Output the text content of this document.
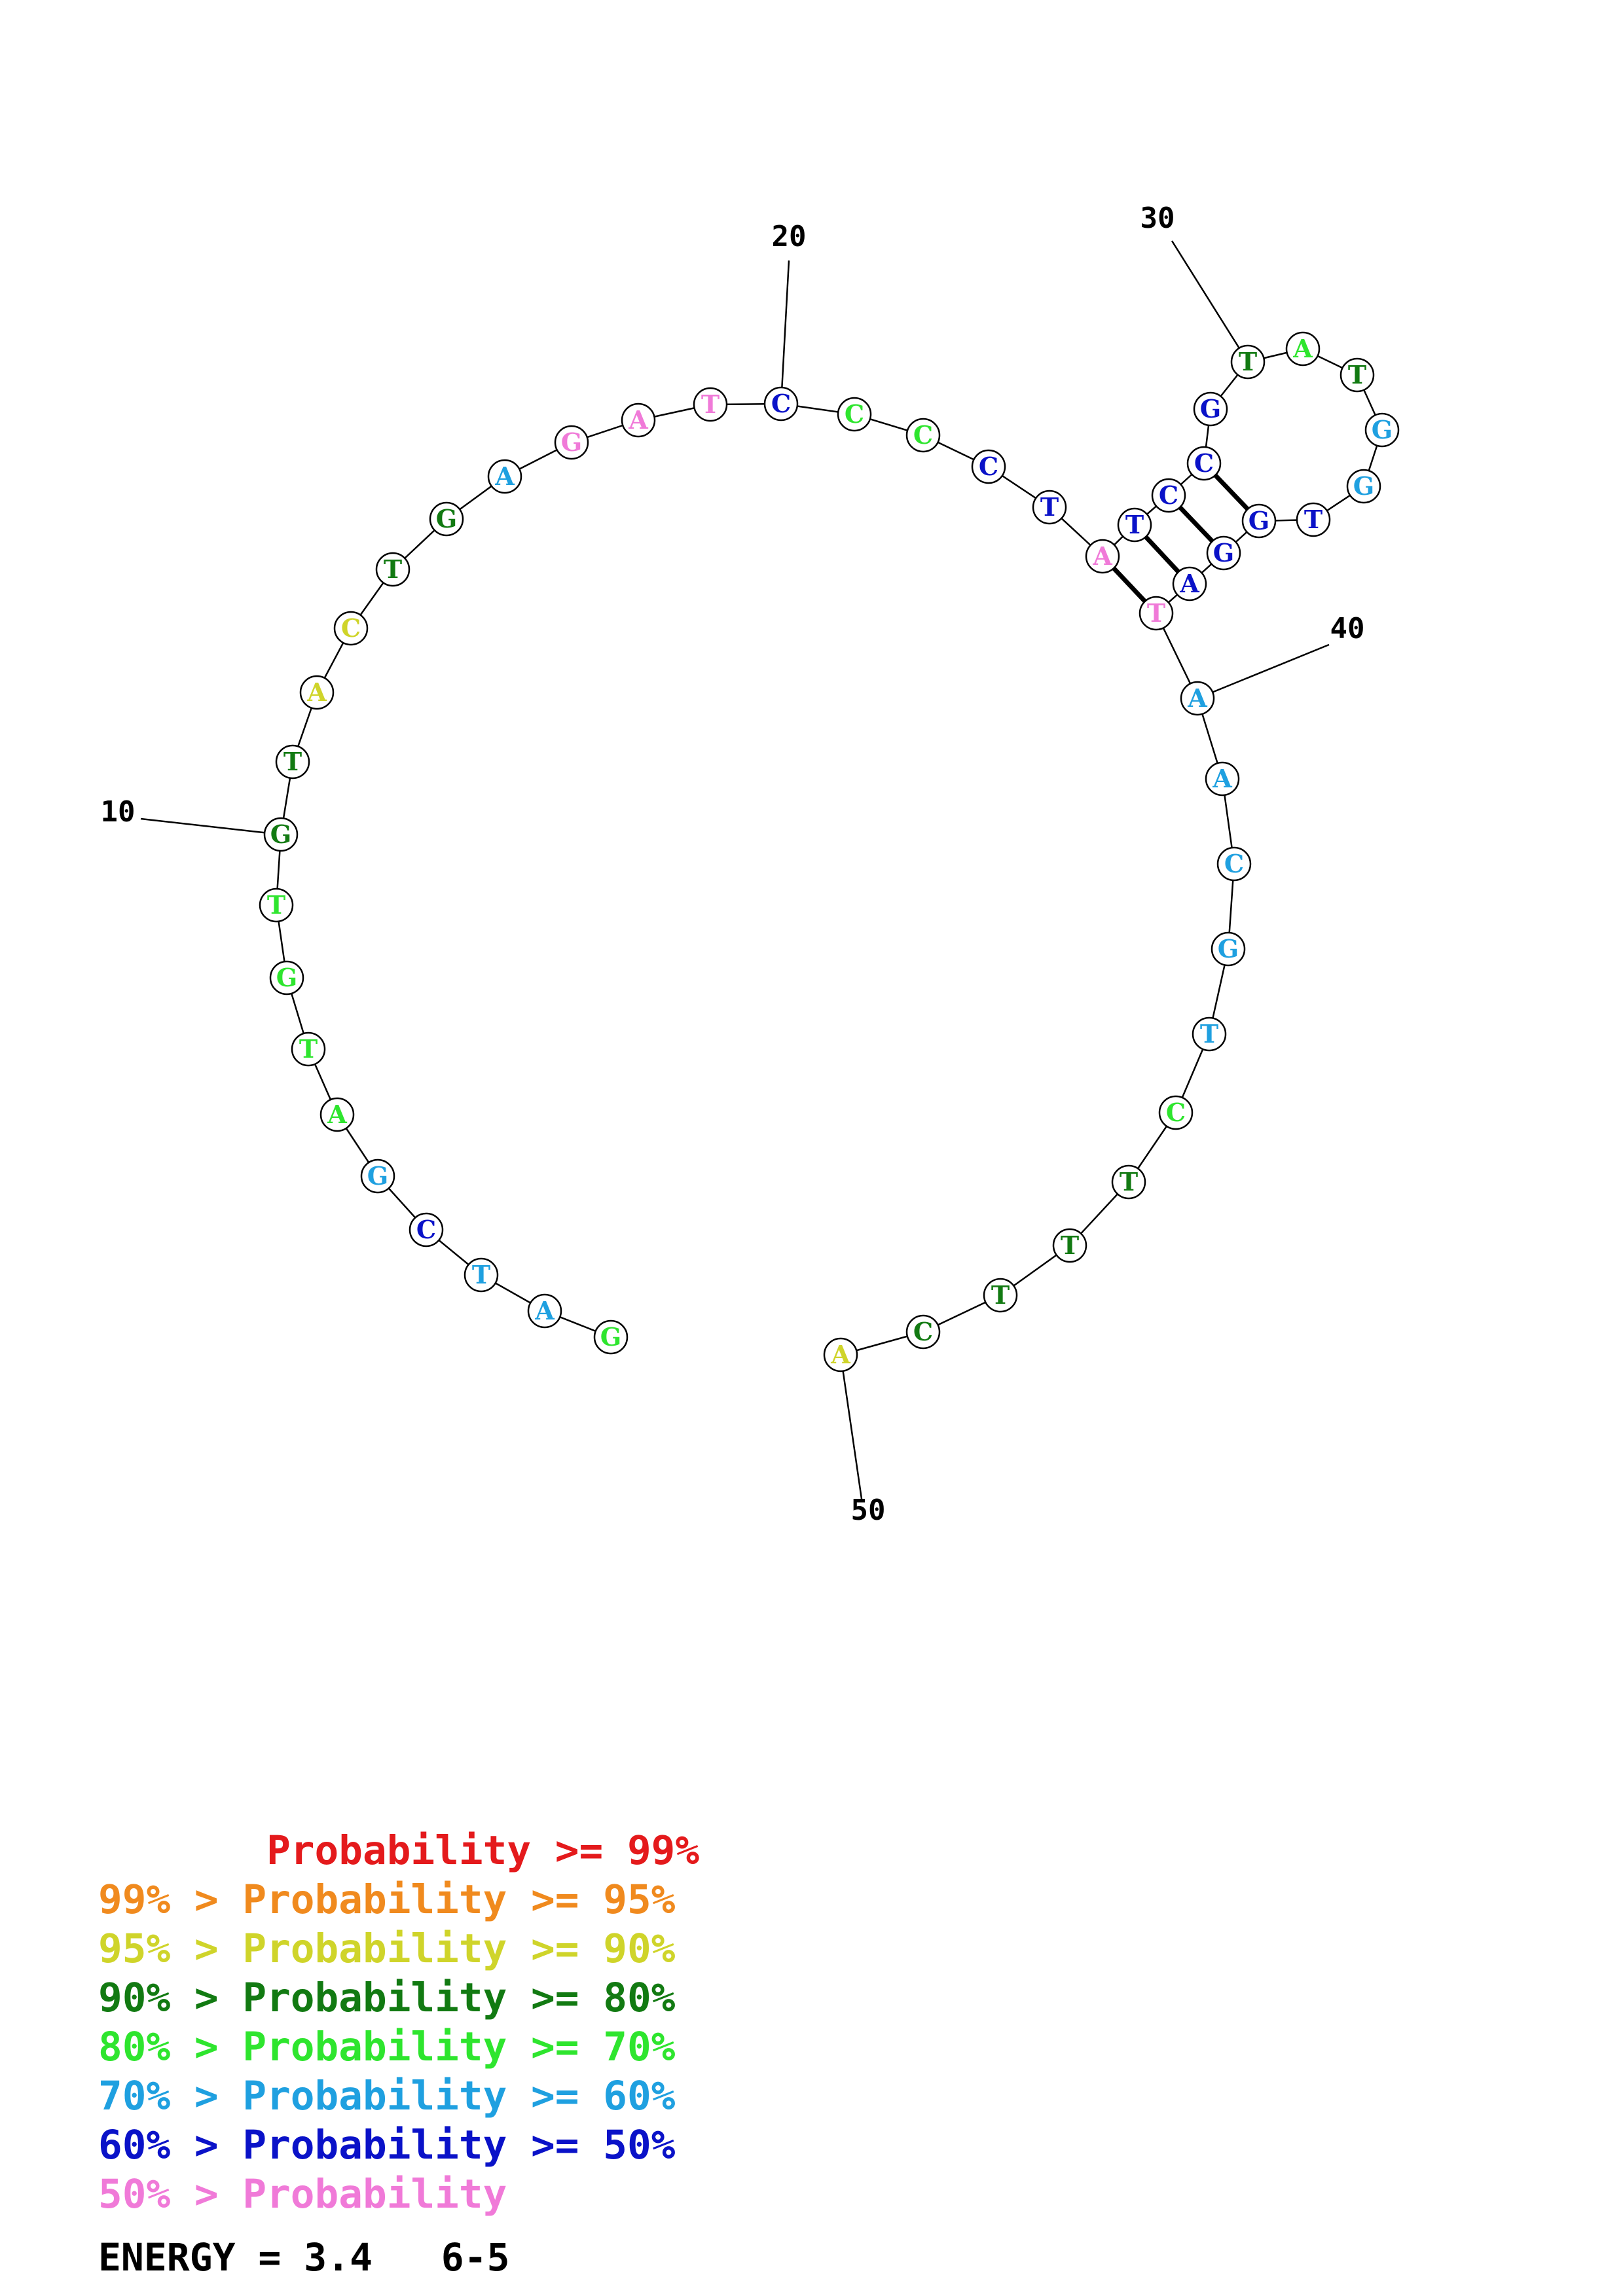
G
A
T
C
G
A
T
G
T
G
T
A
C
T
G
A
G
A
T C C
C
C
T
A
T
C
C
G
T A
T
G
G
T
G
G
A
T
A
A
C
G
T
C
T
T
T
C
A
10
20
30
40
50
Probability >= 99%
99% > Probability >= 95%
95% > Probability >= 90%
90% > Probability >= 80%
80% > Probability >= 70%
70% > Probability >= 60%
60% > Probability >= 50%
50% > Probability
ENERGY = 3.4   6-5
